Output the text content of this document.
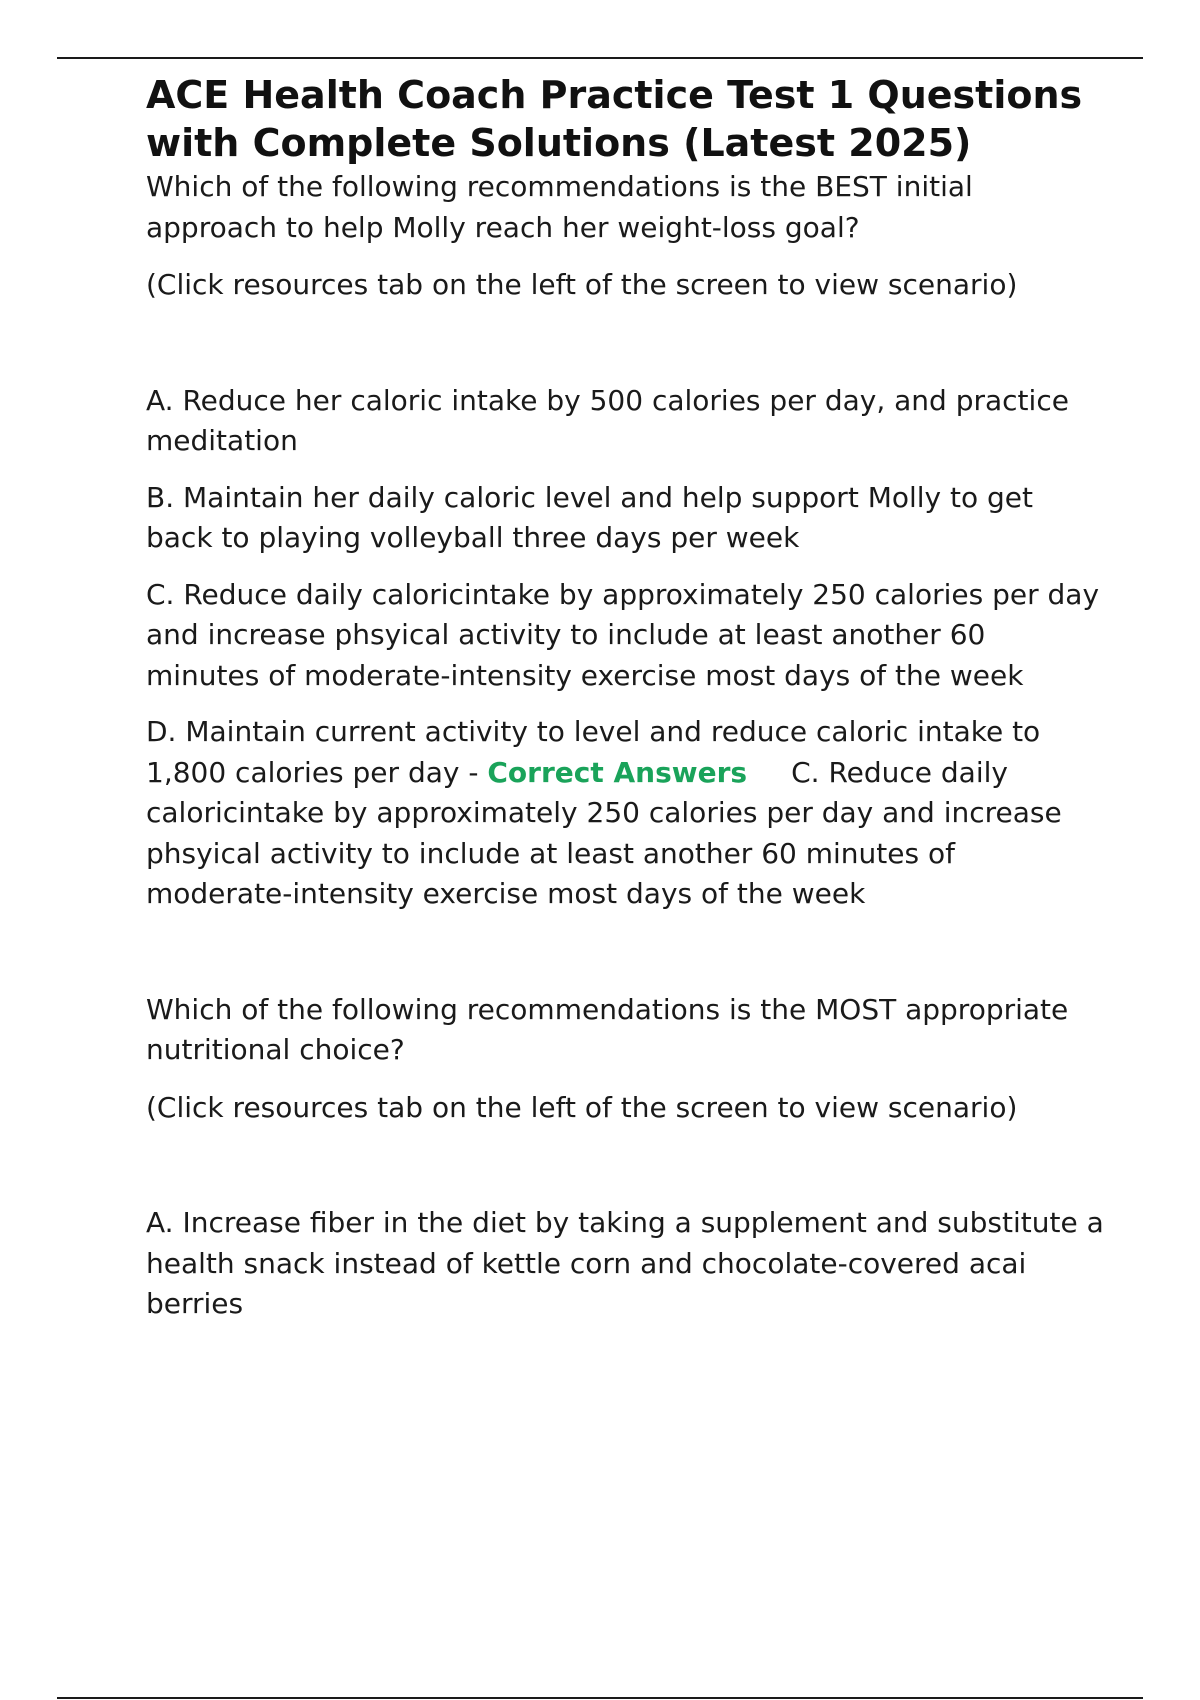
ACE Health Coach Practice Test 1 Questions with Complete Solutions (Latest 2025)

Which of the following recommendations is the BEST initial approach to help Molly reach her weight-loss goal?

(Click resources tab on the left of the screen to view scenario)

A. Reduce her caloric intake by 500 calories per day, and practice meditation

B. Maintain her daily caloric level and help support Molly to get back to playing volleyball three days per week

C. Reduce daily caloricintake by approximately 250 calories per day and increase phsyical activity to include at least another 60 minutes of moderate-intensity exercise most days of the week

D. Maintain current activity to level and reduce caloric intake to 1,800 calories per day - Correct Answers C. Reduce daily caloricintake by approximately 250 calories per day and increase phsyical activity to include at least another 60 minutes of moderate-intensity exercise most days of the week

Which of the following recommendations is the MOST appropriate nutritional choice?

(Click resources tab on the left of the screen to view scenario)

A. Increase fiber in the diet by taking a supplement and substitute a health snack instead of kettle corn and chocolate-covered acai berries
